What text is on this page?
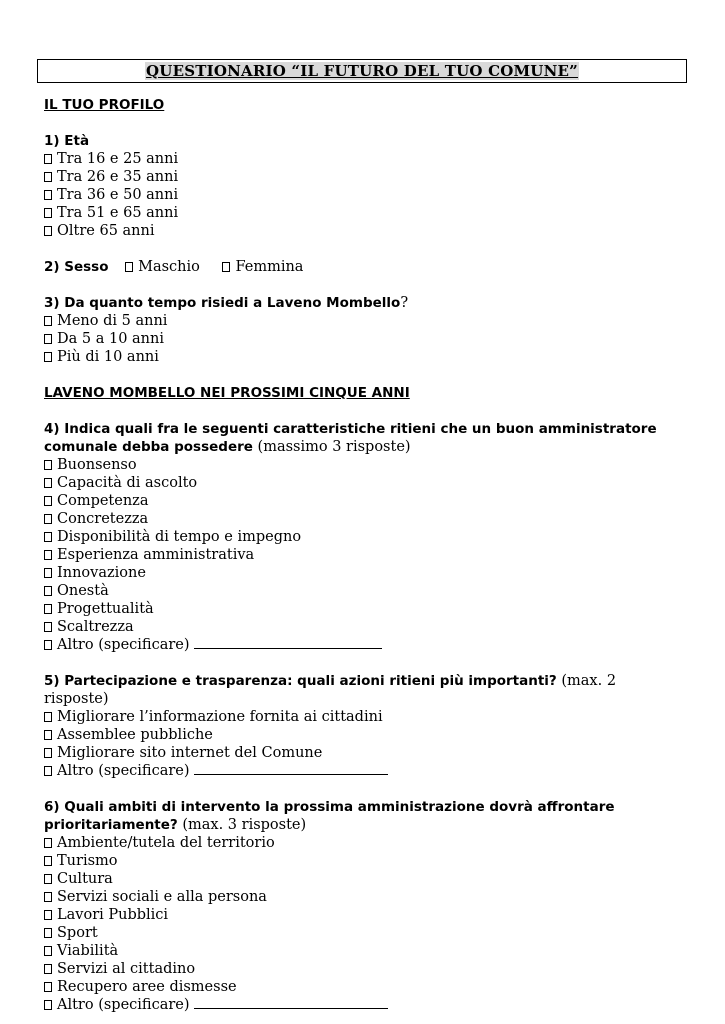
QUESTIONARIO “IL FUTURO DEL TUO COMUNE”
IL TUO PROFILO
1) Età
Tra 16 e 25 anni
Tra 26 e 35 anni
Tra 36 e 50 anni
Tra 51 e 65 anni
Oltre 65 anni
2) Sesso Maschio Femmina
3) Da quanto tempo risiedi a Laveno Mombello?
Meno di 5 anni
Da 5 a 10 anni
Più di 10 anni
LAVENO MOMBELLO NEI PROSSIMI CINQUE ANNI
4) Indica quali fra le seguenti caratteristiche ritieni che un buon amministratore
comunale debba possedere (massimo 3 risposte)
Buonsenso
Capacità di ascolto
Competenza
Concretezza
Disponibilità di tempo e impegno
Esperienza amministrativa
Innovazione
Onestà
Progettualità
Scaltrezza
Altro (specificare)
5) Partecipazione e trasparenza: quali azioni ritieni più importanti? (max. 2
risposte)
Migliorare l’informazione fornita ai cittadini
Assemblee pubbliche
Migliorare sito internet del Comune
Altro (specificare)
6) Quali ambiti di intervento la prossima amministrazione dovrà affrontare
prioritariamente? (max. 3 risposte)
Ambiente/tutela del territorio
Turismo
Cultura
Servizi sociali e alla persona
Lavori Pubblici
Sport
Viabilità
Servizi al cittadino
Recupero aree dismesse
Altro (specificare)
